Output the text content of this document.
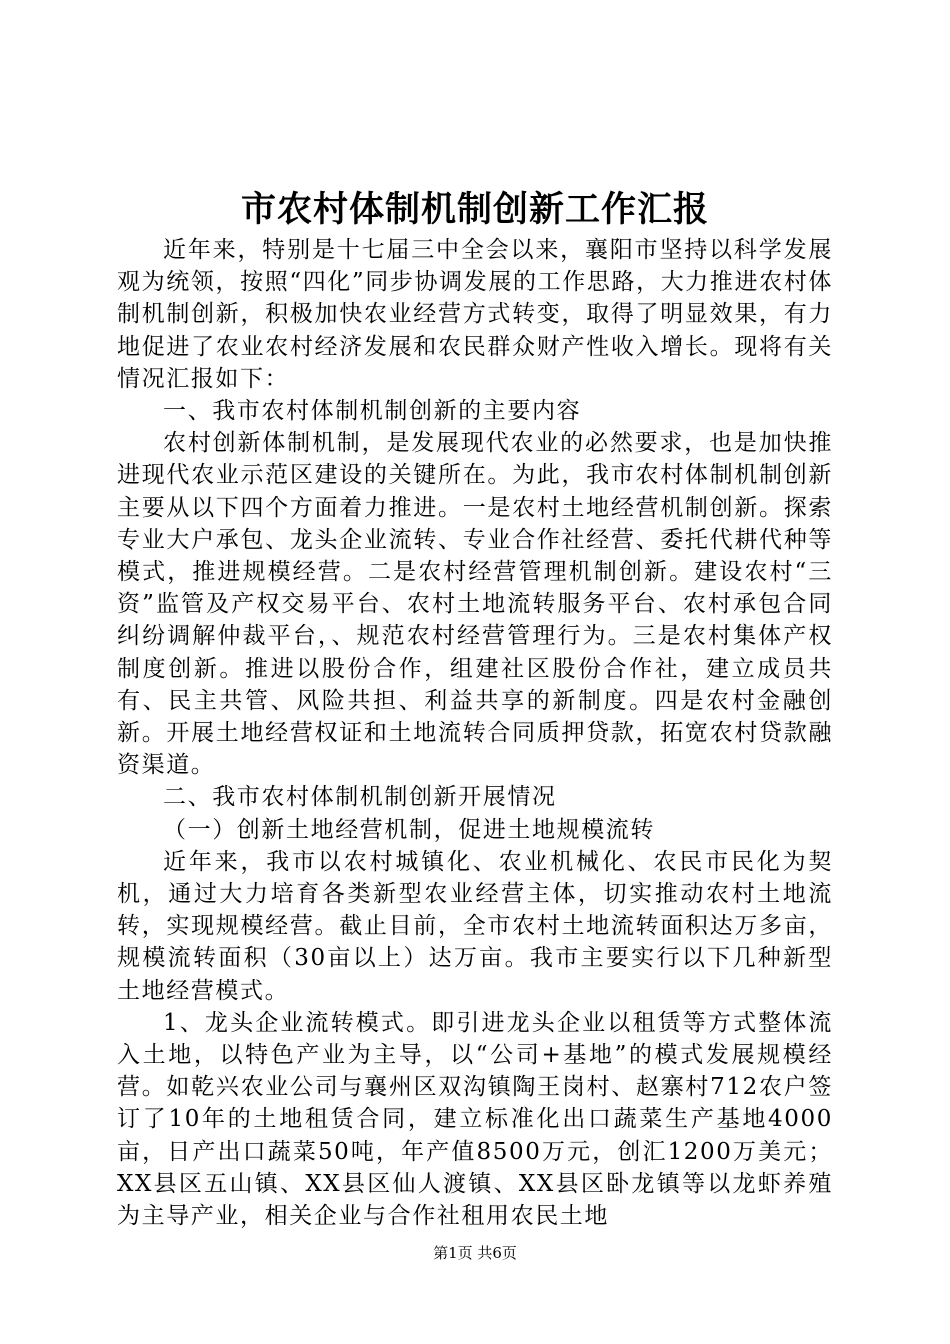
市农村体制机制创新工作汇报

近年来，特别是十七届三中全会以来，襄阳市坚持以科学发展观为统领，按照“四化”同步协调发展的工作思路，大力推进农村体制机制创新，积极加快农业经营方式转变，取得了明显效果，有力地促进了农业农村经济发展和农民群众财产性收入增长。现将有关情况汇报如下：

一、我市农村体制机制创新的主要内容

农村创新体制机制，是发展现代农业的必然要求，也是加快推进现代农业示范区建设的关键所在。为此，我市农村体制机制创新主要从以下四个方面着力推进。一是农村土地经营机制创新。探索专业大户承包、龙头企业流转、专业合作社经营、委托代耕代种等模式，推进规模经营。二是农村经营管理机制创新。建设农村“三资”监管及产权交易平台、农村土地流转服务平台、农村承包合同纠纷调解仲裁平台，、规范农村经营管理行为。三是农村集体产权制度创新。推进以股份合作，组建社区股份合作社，建立成员共有、民主共管、风险共担、利益共享的新制度。四是农村金融创新。开展土地经营权证和土地流转合同质押贷款，拓宽农村贷款融资渠道。

二、我市农村体制机制创新开展情况

（一）创新土地经营机制，促进土地规模流转

近年来，我市以农村城镇化、农业机械化、农民市民化为契机，通过大力培育各类新型农业经营主体，切实推动农村土地流转，实现规模经营。截止目前，全市农村土地流转面积达万多亩，规模流转面积（30亩以上）达万亩。我市主要实行以下几种新型土地经营模式。

1、龙头企业流转模式。即引进龙头企业以租赁等方式整体流入土地，以特色产业为主导，以“公司+基地”的模式发展规模经营。如乾兴农业公司与襄州区双沟镇陶王岗村、赵寨村712农户签订了10年的土地租赁合同，建立标准化出口蔬菜生产基地4000亩，日产出口蔬菜50吨，年产值8500万元，创汇1200万美元；XX县区五山镇、XX县区仙人渡镇、XX县区卧龙镇等以龙虾养殖为主导产业，相关企业与合作社租用农民土地

第1页 共6页
